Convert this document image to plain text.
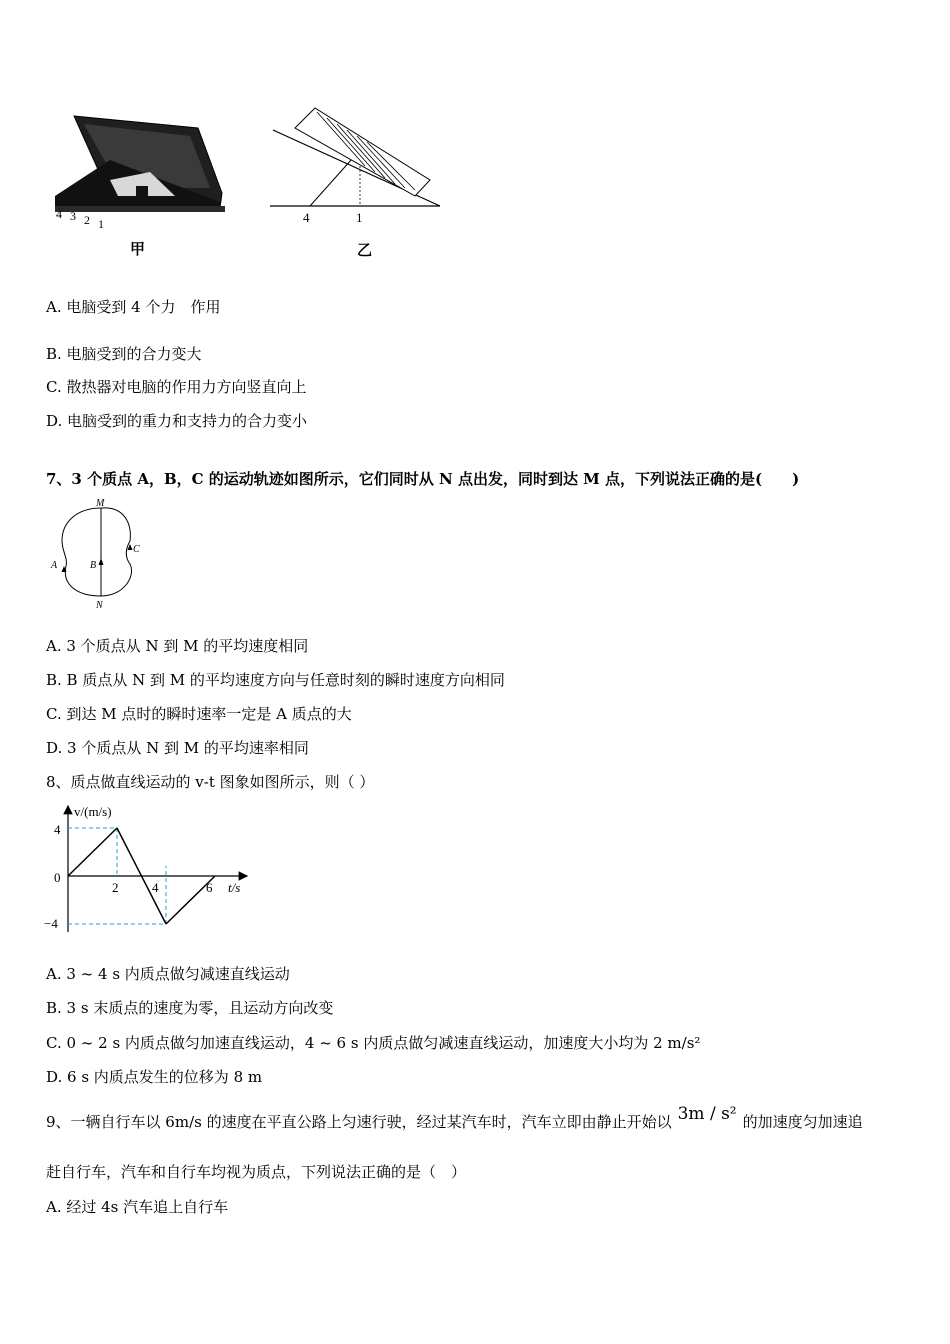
4 3 2 1
甲
4	1
乙
A. 电脑受到 4 个力　作用
B. 电脑受到的合力变大
C. 散热器对电脑的作用力方向竖直向上
D. 电脑受到的重力和支持力的合力变小
7、3 个质点 A，B，C 的运动轨迹如图所示，它们同时从 N 点出发，同时到达 M 点，下列说法正确的是(　　)
M
N
A	B
C
A. 3 个质点从 N 到 M 的平均速度相同
B. B 质点从 N 到 M 的平均速度方向与任意时刻的瞬时速度方向相同
C. 到达 M 点时的瞬时速率一定是 A 质点的大
D. 3 个质点从 N 到 M 的平均速率相同
8、质点做直线运动的 v-t 图象如图所示，则（ ）
v/(m/s)
t/s
4
0
−4
2	4	6
A. 3 ~ 4 s 内质点做匀减速直线运动
B. 3 s 末质点的速度为零，且运动方向改变
C. 0 ~ 2 s 内质点做匀加速直线运动，4 ~ 6 s 内质点做匀减速直线运动，加速度大小均为 2 m/s²
D. 6 s 内质点发生的位移为 8 m
9、一辆自行车以 6m/s 的速度在平直公路上匀速行驶，经过某汽车时，汽车立即由静止开始以 3m / s² 的加速度匀加速追
赶自行车，汽车和自行车均视为质点，下列说法正确的是（　）
A. 经过 4s 汽车追上自行车
